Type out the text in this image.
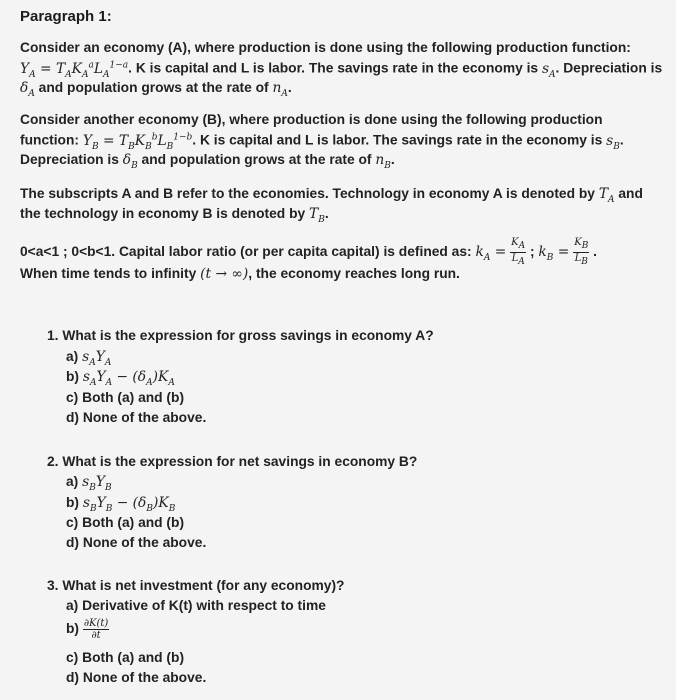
Paragraph 1:
Consider an economy (A), where production is done using the following production function:
$Y_A = T_AK_A^aL_A^{1-a}$. K is capital and L is labor. The savings rate in the economy is $s_A$. Depreciation is
$\delta_A$ and population grows at the rate of $n_A$.
Consider another economy (B), where production is done using the following production
function: $Y_B = T_BK_B^bL_B^{1-b}$. K is capital and L is labor. The savings rate in the economy is $s_B$.
Depreciation is $\delta_B$ and population grows at the rate of $n_B$.
The subscripts A and B refer to the economies. Technology in economy A is denoted by $T_A$ and
the technology in economy B is denoted by $T_B$.
0<a<1 ; 0<b<1. Capital labor ratio (or per capita capital) is defined as: $k_A = \frac{K_A}{L_A}$ ; $k_B = \frac{K_B}{L_B}$ .
When time tends to infinity (t → ∞), the economy reaches long run.
1. What is the expression for gross savings in economy A?
a) $s_AY_A$
b) $s_AY_A - (\delta_A)K_A$
c) Both (a) and (b)
d) None of the above.
2. What is the expression for net savings in economy B?
a) $s_BY_B$
b) $s_BY_B - (\delta_B)K_B$
c) Both (a) and (b)
d) None of the above.
3. What is net investment (for any economy)?
a) Derivative of K(t) with respect to time
$b) \frac{\partial K(t)}{\partial t}$
c) Both (a) and (b)
d) None of the above.
